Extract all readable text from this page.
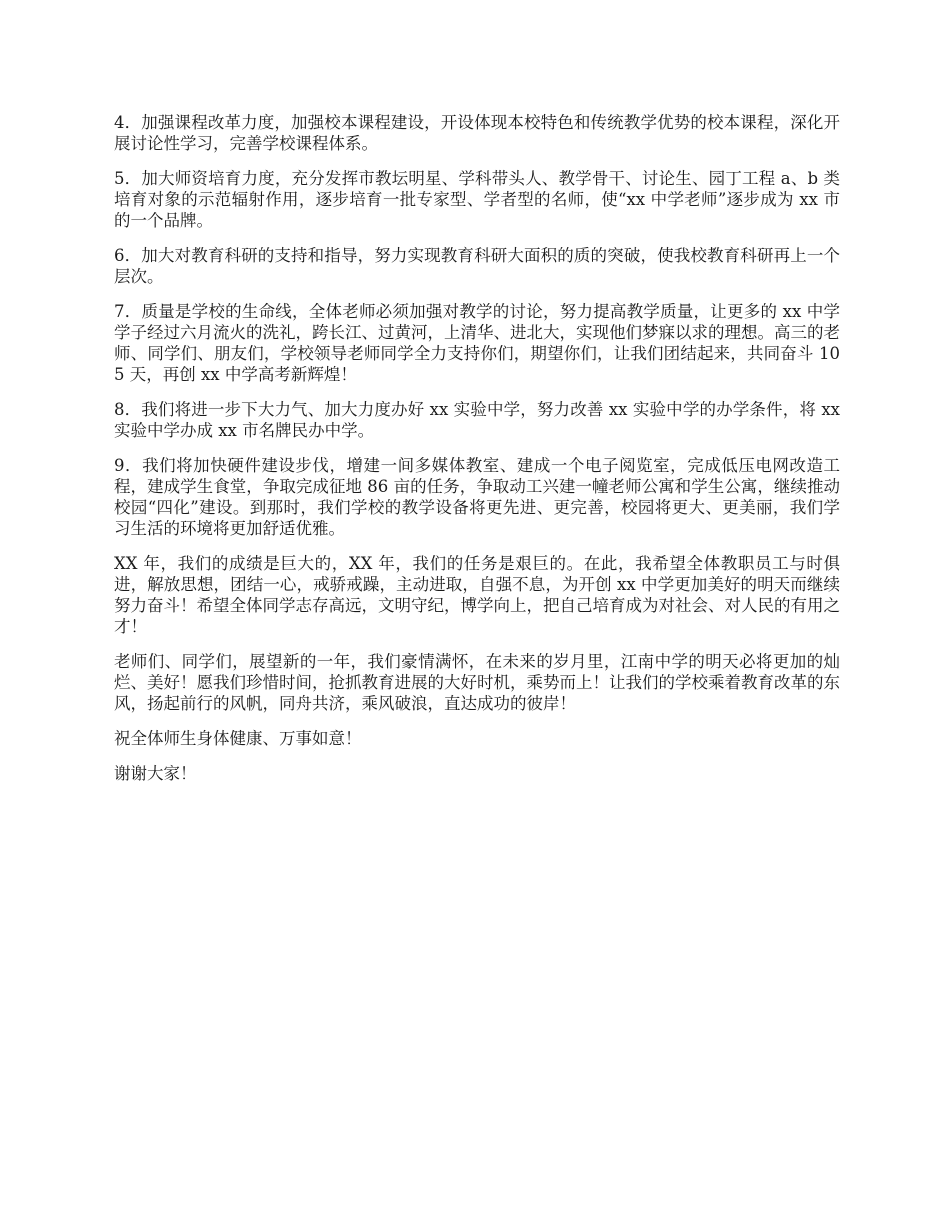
4．加强课程改革力度，加强校本课程建设，开设体现本校特色和传统教学优势的校本课程，深化开展讨论性学习，完善学校课程体系。

5．加大师资培育力度，充分发挥市教坛明星、学科带头人、教学骨干、讨论生、园丁工程 a、b 类培育对象的示范辐射作用，逐步培育一批专家型、学者型的名师，使“xx 中学老师”逐步成为 xx 市的一个品牌。

6．加大对教育科研的支持和指导，努力实现教育科研大面积的质的突破，使我校教育科研再上一个层次。

7．质量是学校的生命线，全体老师必须加强对教学的讨论，努力提高教学质量，让更多的 xx 中学学子经过六月流火的洗礼，跨长江、过黄河，上清华、进北大，实现他们梦寐以求的理想。高三的老师、同学们、朋友们，学校领导老师同学全力支持你们，期望你们，让我们团结起来，共同奋斗 105 天，再创 xx 中学高考新辉煌！

8．我们将进一步下大力气、加大力度办好 xx 实验中学，努力改善 xx 实验中学的办学条件，将 xx 实验中学办成 xx 市名牌民办中学。

9．我们将加快硬件建设步伐，增建一间多媒体教室、建成一个电子阅览室，完成低压电网改造工程，建成学生食堂，争取完成征地 86 亩的任务，争取动工兴建一幢老师公寓和学生公寓，继续推动校园“四化”建设。到那时，我们学校的教学设备将更先进、更完善，校园将更大、更美丽，我们学习生活的环境将更加舒适优雅。

XX 年，我们的成绩是巨大的，XX 年，我们的任务是艰巨的。在此，我希望全体教职员工与时俱进，解放思想，团结一心，戒骄戒躁，主动进取，自强不息，为开创 xx 中学更加美好的明天而继续努力奋斗！希望全体同学志存高远，文明守纪，博学向上，把自己培育成为对社会、对人民的有用之才！

老师们、同学们，展望新的一年，我们豪情满怀，在未来的岁月里，江南中学的明天必将更加的灿烂、美好！愿我们珍惜时间，抢抓教育进展的大好时机，乘势而上！让我们的学校乘着教育改革的东风，扬起前行的风帆，同舟共济，乘风破浪，直达成功的彼岸！

祝全体师生身体健康、万事如意！

谢谢大家！
